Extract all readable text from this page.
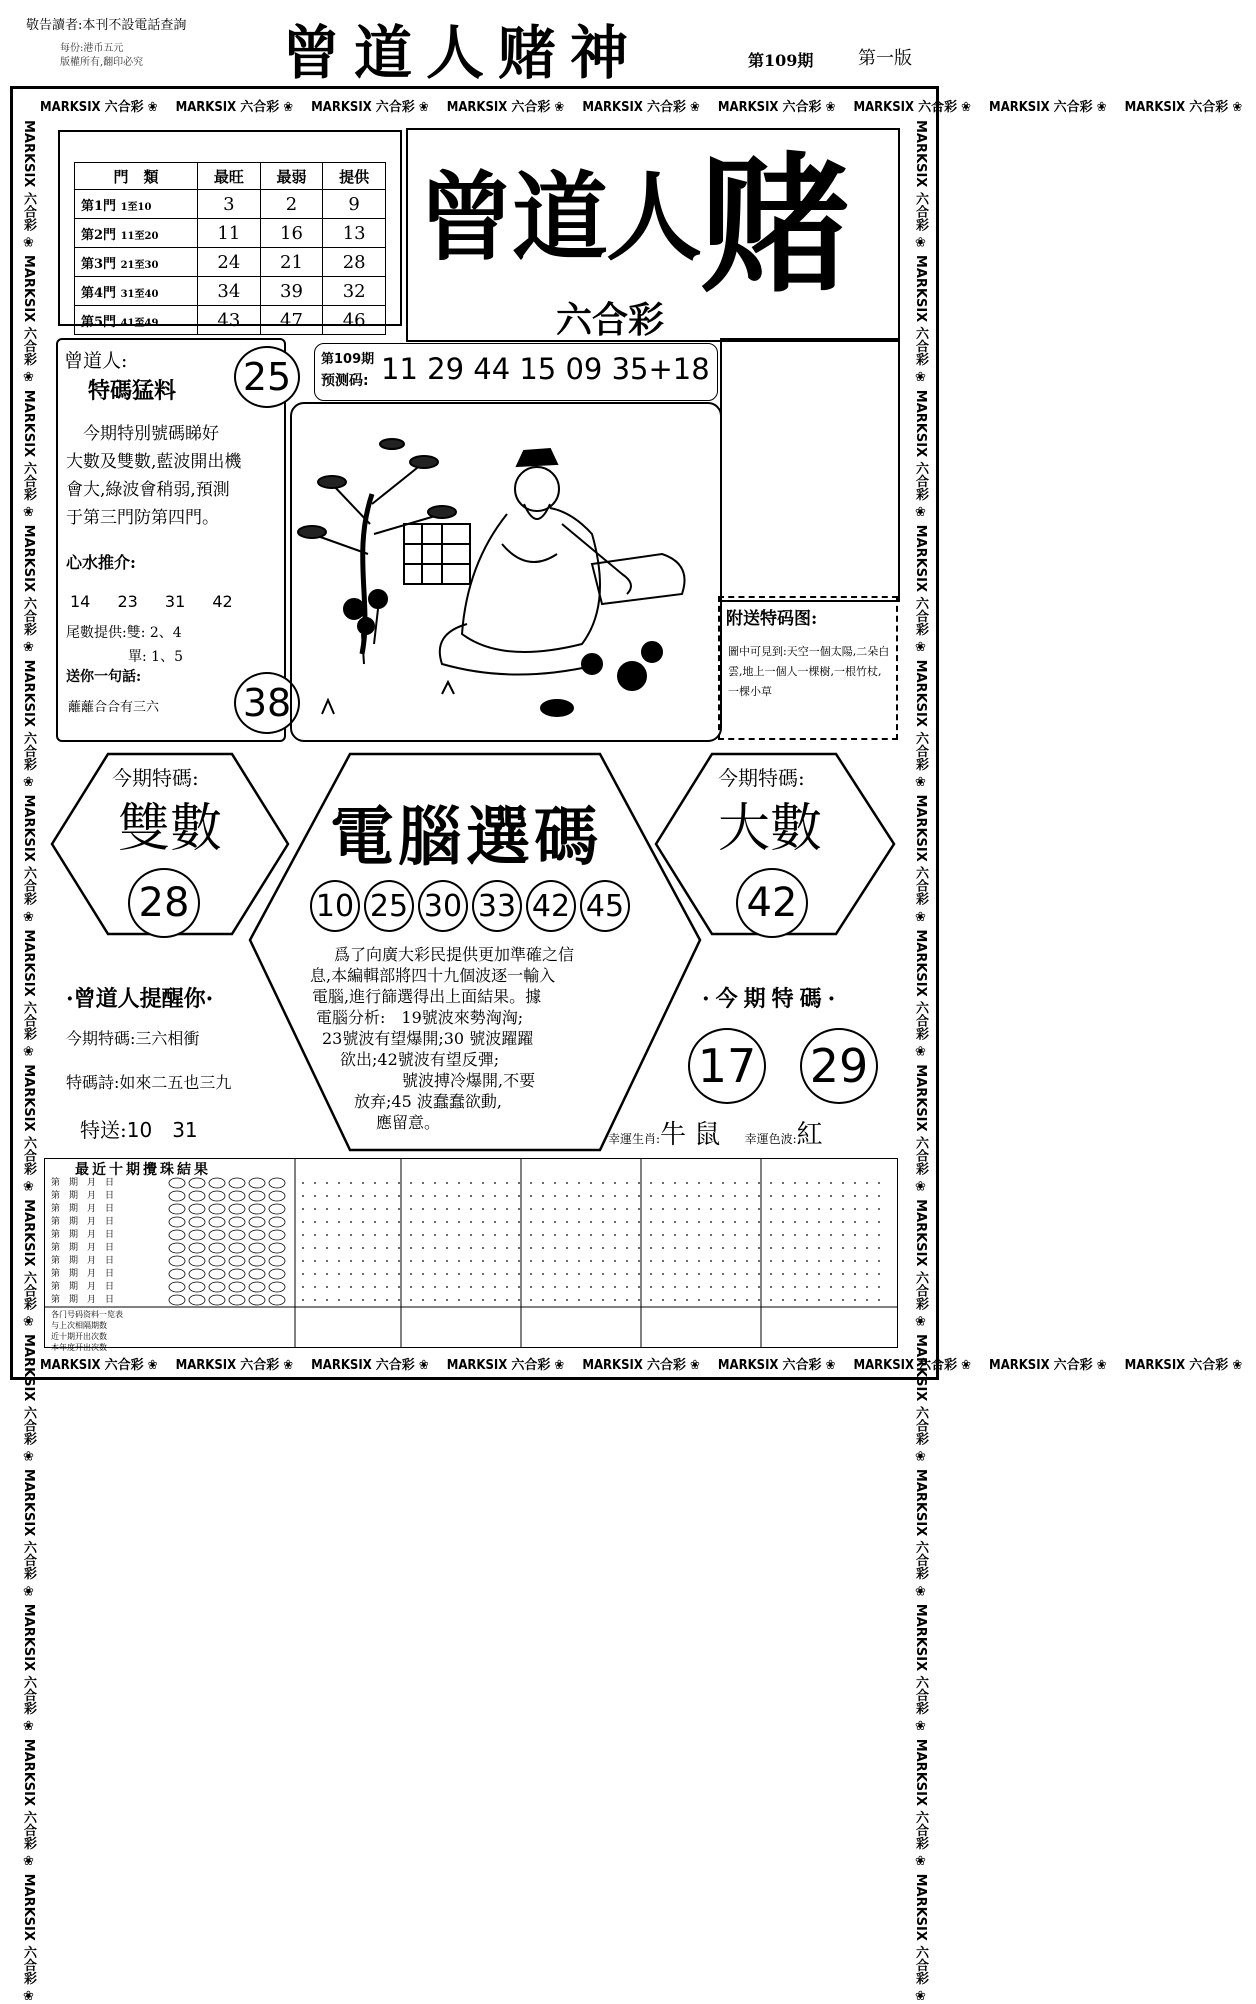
敬告讀者:本刊不設電話查詢
每份:港币五元
版權所有,翻印必究 曾道人赌神	第109期 第一版
MARKSIX 六合彩 ❀ MARKSIX 六合彩 ❀ MARKSIX 六合彩 ❀ MARKSIX 六合彩 ❀ MARKSIX 六合彩 ❀ MARKSIX 六合彩 ❀ MARKSIX 六合彩 ❀ MARKSIX 六合彩 ❀ MARKSIX 六合彩 ❀
MARKSIX 六合彩 ❀ MARKSIX 六合彩 ❀ MARKSIX 六合彩 ❀ MARKSIX 六合彩 ❀ MARKSIX 六合彩 ❀ MARKSIX 六合彩 ❀ MARKSIX 六合彩 ❀ MARKSIX 六合彩 ❀ MARKSIX 六合彩 ❀
MARKSIX 六合彩 ❀ MARKSIX 六合彩 ❀ MARKSIX 六合彩 ❀ MARKSIX 六合彩 ❀ MARKSIX 六合彩 ❀ MARKSIX 六合彩 ❀ MARKSIX 六合彩 ❀ MARKSIX 六合彩 ❀ MARKSIX 六合彩 ❀ MARKSIX 六合彩 ❀ MARKSIX 六合彩 ❀ MARKSIX 六合彩 ❀ MARKSIX 六合彩 ❀ MARKSIX 六合彩 ❀
MARKSIX 六合彩 ❀ MARKSIX 六合彩 ❀ MARKSIX 六合彩 ❀ MARKSIX 六合彩 ❀ MARKSIX 六合彩 ❀ MARKSIX 六合彩 ❀ MARKSIX 六合彩 ❀ MARKSIX 六合彩 ❀ MARKSIX 六合彩 ❀ MARKSIX 六合彩 ❀ MARKSIX 六合彩 ❀ MARKSIX 六合彩 ❀ MARKSIX 六合彩 ❀ MARKSIX 六合彩 ❀
門　類	最旺	最弱	提供
第1門 1至10	3	2	9
第2門 11至20	11	16	13
第3門 21至30	24	21	28
第4門 31至40	34	39	32
第5門 41至49	43	47	46
曾道人赌
六合彩
曾道人:
特碼猛料
　今期特別號碼睇好
大數及雙數,藍波開出機
會大,綠波會稍弱,預測
于第三門防第四門。
心水推介:
14 23 31 42
尾數提供:雙: 2、4
單: 1、5
送你一句話:
蘺蘺合合有三六
25
38
第109期
预测码: 11 29 44 15 09 35+18
附送特码图:
圖中可見到:天空一個太陽,二朵白雲,地上一個人一棵樹,一根竹杖,一棵小草
今期特碼:
雙數
28
今期特碼:
大數
42
電腦選碼
10 25 30 33 42 45
　爲了向廣大彩民提供更加準確之信
息,本編輯部將四十九個波逐一輸入
電腦,進行篩選得出上面結果。據
電腦分析:　19號波來勢洶洶;
23號波有望爆開;30 號波躍躍
欲出;42號波有望反彈;
號波搏冷爆開,不要
放弃;45 波蠢蠢欲動,
應留意。
·曾道人提醒你·
今期特碼:三六相衝
特碼詩:如來二五也三九
特送:10　31
·今期特碼·
17 29
幸運生肖:牛 鼠 幸運色波:紅
最近十期攪珠結果
第　期　月　日
第　期　月　日
第　期　月　日
第　期　月　日
第　期　月　日
第　期　月　日
第　期　月　日
第　期　月　日
第　期　月　日
第　期　月　日
各门号码资料一览表
与上次相隔期数
近十期开出次数
本年度开出次数
